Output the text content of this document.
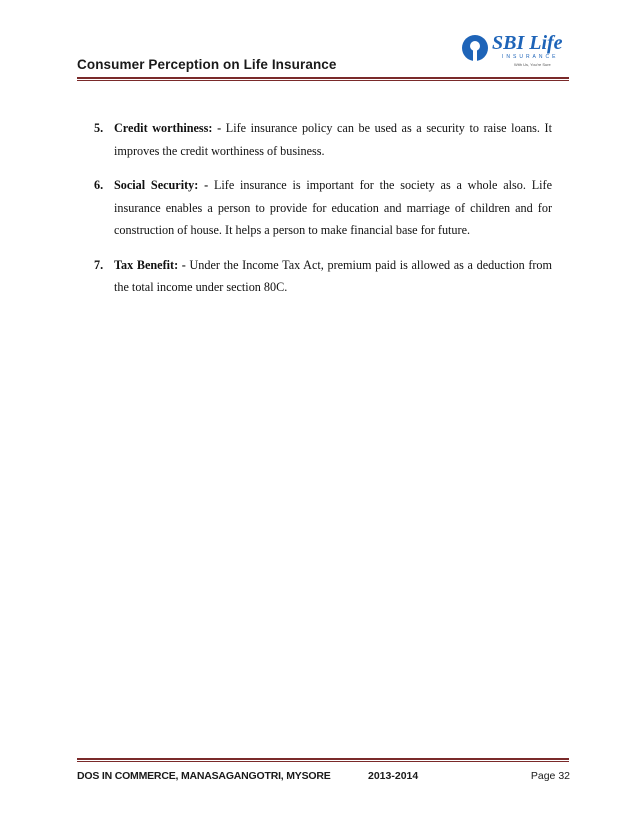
Consumer Perception on Life Insurance
SBI Life
INSURANCE
With Us, You're Sure
5. Credit worthiness: - Life insurance policy can be used as a security to raise loans. It improves the credit worthiness of business.
6. Social Security: - Life insurance is important for the society as a whole also. Life insurance enables a person to provide for education and marriage of children and for construction of house. It helps a person to make financial base for future.
7. Tax Benefit: - Under the Income Tax Act, premium paid is allowed as a deduction from the total income under section 80C.
DOS IN COMMERCE, MANASAGANGOTRI, MYSORE	2013-2014	Page 32
